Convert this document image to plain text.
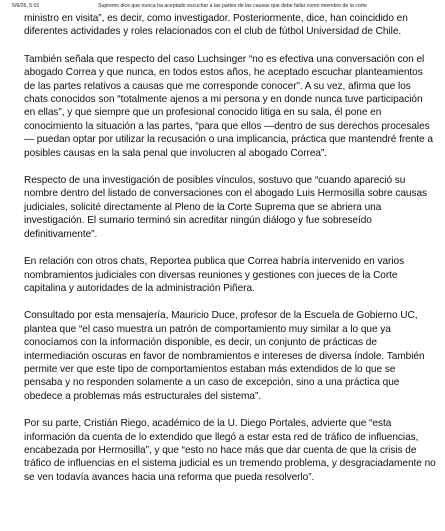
5/6/26, 5:01	Supremo dice que nunca ha aceptado escuchar a las partes de las causas que debe fallar como miembro de la corte

ministro en visita”, es decir, como investigador. Posteriormente, dice, han coincidido en diferentes actividades y roles relacionados con el club de fútbol Universidad de Chile.

También señala que respecto del caso Luchsinger “no es efectiva una conversación con el abogado Correa y que nunca, en todos estos años, he aceptado escuchar planteamientos de las partes relativos a causas que me corresponde conocer”. A su vez, afirma que los chats conocidos son “totalmente ajenos a mi persona y en donde nunca tuve participación en ellas”, y que siempre que un profesional conocido litiga en su sala, él pone en conocimiento la situación a las partes, “para que ellos —dentro de sus derechos procesales— puedan optar por utilizar la recusación o una implicancia, práctica que mantendré frente a posibles causas en la sala penal que involucren al abogado Correa”.

Respecto de una investigación de posibles vínculos, sostuvo que “cuando apareció su nombre dentro del listado de conversaciones con el abogado Luis Hermosilla sobre causas judiciales, solicité directamente al Pleno de la Corte Suprema que se abriera una investigación. El sumario terminó sin acreditar ningún diálogo y fue sobreseído definitivamente”.

En relación con otros chats, Reportea publica que Correa habría intervenido en varios nombramientos judiciales con diversas reuniones y gestiones con jueces de la Corte capitalina y autoridades de la administración Piñera.

Consultado por esta mensajería, Mauricio Duce, profesor de la Escuela de Gobierno UC, plantea que “el caso muestra un patrón de comportamiento muy similar a lo que ya conocíamos con la información disponible, es decir, un conjunto de prácticas de intermediación oscuras en favor de nombramientos e intereses de diversa índole. También permite ver que este tipo de comportamientos estaban más extendidos de lo que se pensaba y no responden solamente a un caso de excepción, sino a una práctica que obedece a problemas más estructurales del sistema”.

Por su parte, Cristián Riego, académico de la U. Diego Portales, advierte que “esta información da cuenta de lo extendido que llegó a estar esta red de tráfico de influencias, encabezada por Hermosilla”, y que “esto no hace más que dar cuenta de que la crisis de tráfico de influencias en el sistema judicial es un tremendo problema, y desgraciadamente no se ven todavía avances hacia una reforma que pueda resolverlo”.
